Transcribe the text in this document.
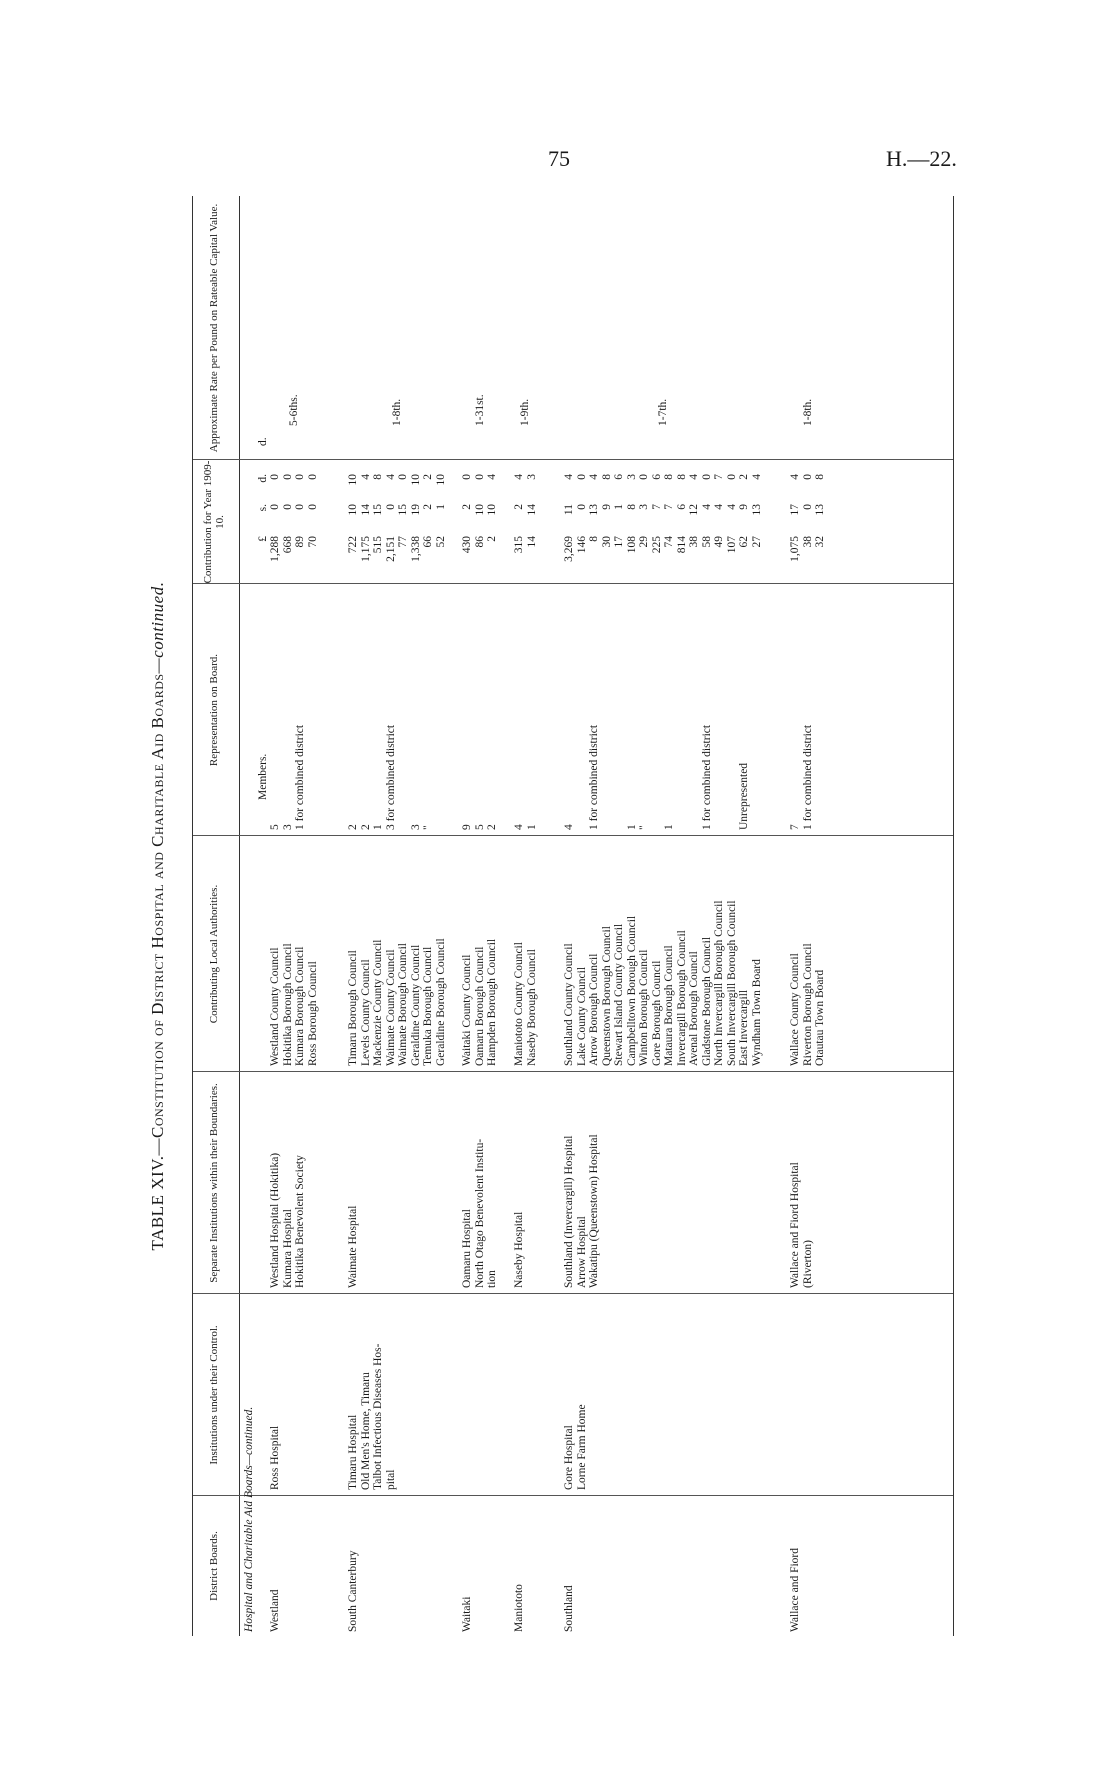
75	H.—22.
TABLE XIV.—Constitution of District Hospital and Charitable Aid Boards—continued.
District Boards.
Institutions under their Control.
Separate Institutions within their Boundaries.
Contributing Local Authorities.
Representation on Board.
Contribution for Year 1909-10.
Approximate Rate per Pound on Rateable Capital Value.
Hospital and Charitable Aid Boards—continued.
Members.
£
s.
d.
d.
Westland
Ross Hospital
Westland Hospital (Hokitika) Kumara Hospital Hokitika Benevolent Society
Westland County Council
5
1,288
0
0
Hokitika Borough Council
3
668
0
0
Kumara Borough Council
1 for combined district
89
0
0
Ross Borough Council
70
0
0
5-6ths.
South Canterbury
Timaru Hospital Old Men's Home, Timaru Talbot Infectious Diseases Hos- pital
Waimate Hospital
Timaru Borough Council
2
722
10
10
Levels County Council
2
1,175
14
4
Mackenzie County Council
1
515
15
8
Waimate County Council
3 for combined district
2,151
0
4
Waimate Borough Council
77
15
0
Geraldine County Council
3
1,338
19
10
Temuka Borough Council
"
66
2
2
Geraldine Borough Council
52
1
10
1-8th.
Waitaki
Oamaru Hospital North Otago Benevolent Institu- tion
Waitaki County Council
9
430
2
0
Oamaru Borough Council
5
86
10
0
Hampden Borough Council
2
2
10
4
1-31st.
Maniototo
Naseby Hospital
Maniototo County Council
4
315
2
4
Naseby Borough Council
1
14
14
3
1-9th.
Southland
Gore Hospital Lorne Farm Home
Southland (Invercargill) Hospital Arrow Hospital Wakatipu (Queenstown) Hospital
Southland County Council
4
3,269
11
4
Lake County Council
146
0
0
Arrow Borough Council
1 for combined district
8
13
4
Queenstown Borough Council
30
9
8
Stewart Island County Council
17
1
6
Campbelltown Borough Council
1
108
8
3
Winton Borough Council
"
29
3
0
Gore Borough Council
225
7
6
Mataura Borough Council
1
74
7
8
Invercargill Borough Council
814
6
8
Avenal Borough Council
38
12
4
Gladstone Borough Council
1 for combined district
58
4
0
North Invercargill Borough Council
49
4
7
South Invercargill Borough Council
107
4
0
East Invercargill
Unrepresented
62
9
2
Wyndham Town Board
27
13
4
1-7th.
Wallace and Fiord
Wallace and Fiord Hospital (Riverton)
Wallace County Council
7
1,075
17
4
Riverton Borough Council
1 for combined district
38
0
0
Otautau Town Board
32
13
8
1-8th.
